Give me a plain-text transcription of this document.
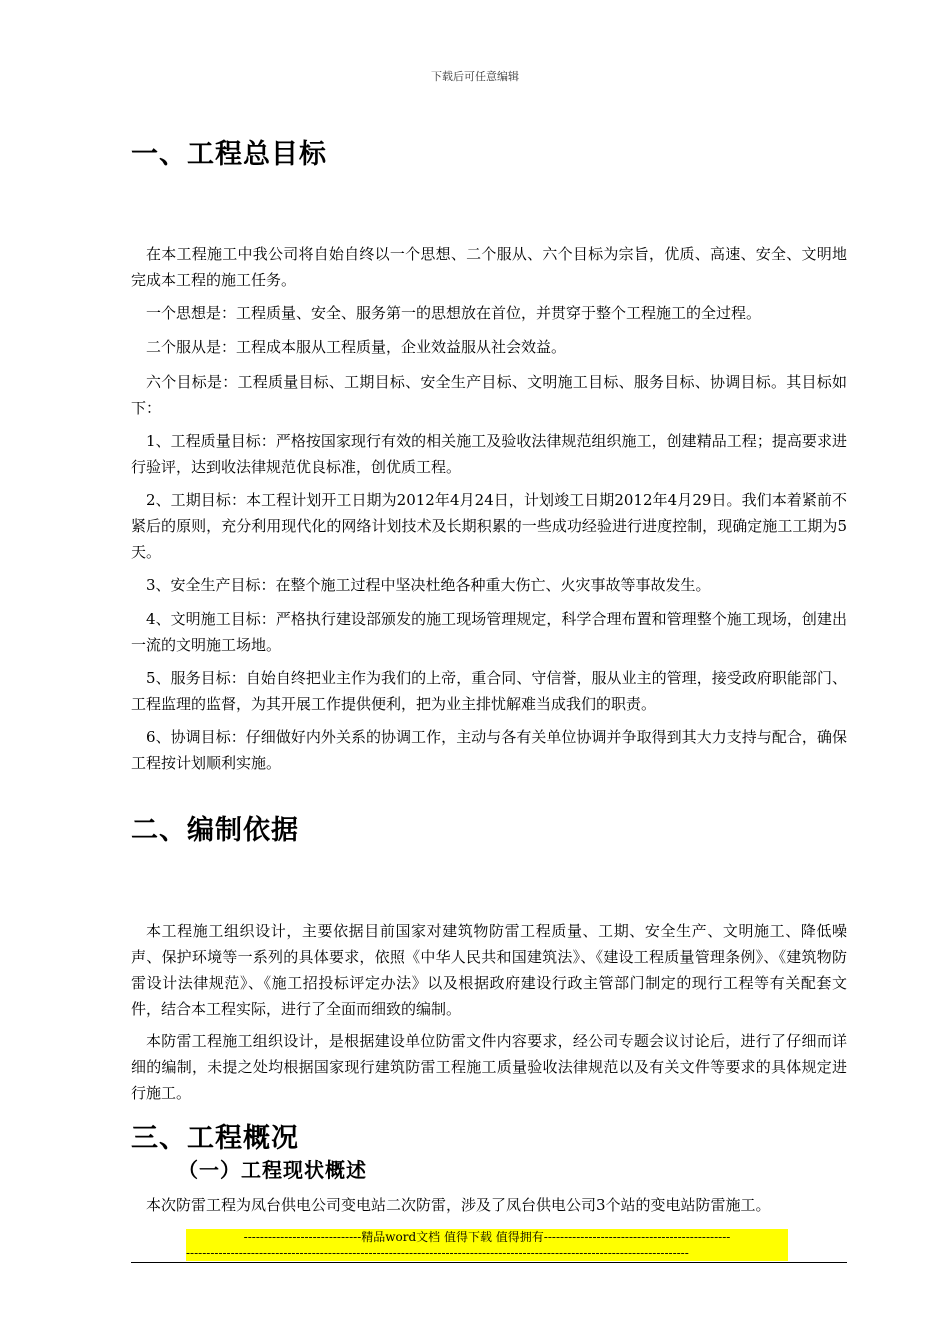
下载后可任意编辑
一、工程总目标
在本工程施工中我公司将自始自终以一个思想、二个服从、六个目标为宗旨，优质、高速、安全、文明地完成本工程的施工任务。
一个思想是：工程质量、安全、服务第一的思想放在首位，并贯穿于整个工程施工的全过程。
二个服从是：工程成本服从工程质量，企业效益服从社会效益。
六个目标是：工程质量目标、工期目标、安全生产目标、文明施工目标、服务目标、协调目标。其目标如下：
1、工程质量目标：严格按国家现行有效的相关施工及验收法律规范组织施工，创建精品工程；提高要求进行验评，达到收法律规范优良标准，创优质工程。
2、工期目标：本工程计划开工日期为2012年4月24日，计划竣工日期2012年4月29日。我们本着紧前不紧后的原则，充分利用现代化的网络计划技术及长期积累的一些成功经验进行进度控制，现确定施工工期为5天。
3、安全生产目标：在整个施工过程中坚决杜绝各种重大伤亡、火灾事故等事故发生。
4、文明施工目标：严格执行建设部颁发的施工现场管理规定，科学合理布置和管理整个施工现场，创建出一流的文明施工场地。
5、服务目标：自始自终把业主作为我们的上帝，重合同、守信誉，服从业主的管理，接受政府职能部门、工程监理的监督，为其开展工作提供便利，把为业主排忧解难当成我们的职责。
6、协调目标：仔细做好内外关系的协调工作，主动与各有关单位协调并争取得到其大力支持与配合，确保工程按计划顺利实施。
二、编制依据
本工程施工组织设计，主要依据目前国家对建筑物防雷工程质量、工期、安全生产、文明施工、降低噪声、保护环境等一系列的具体要求，依照《中华人民共和国建筑法》、《建设工程质量管理条例》、《建筑物防雷设计法律规范》、《施工招投标评定办法》以及根据政府建设行政主管部门制定的现行工程等有关配套文件，结合本工程实际，进行了全面而细致的编制。
本防雷工程施工组织设计，是根据建设单位防雷文件内容要求，经公司专题会议讨论后，进行了仔细而详细的编制，未提之处均根据国家现行建筑防雷工程施工质量验收法律规范以及有关文件等要求的具体规定进行施工。
三、工程概况
（一）工程现状概述
本次防雷工程为凤台供电公司变电站二次防雷，涉及了凤台供电公司3个站的变电站防雷施工。
-----------------------------精品word文档 值得下载 值得拥有----------------------------------------------
----------------------------------------------------------------------------------------------------------------------------
